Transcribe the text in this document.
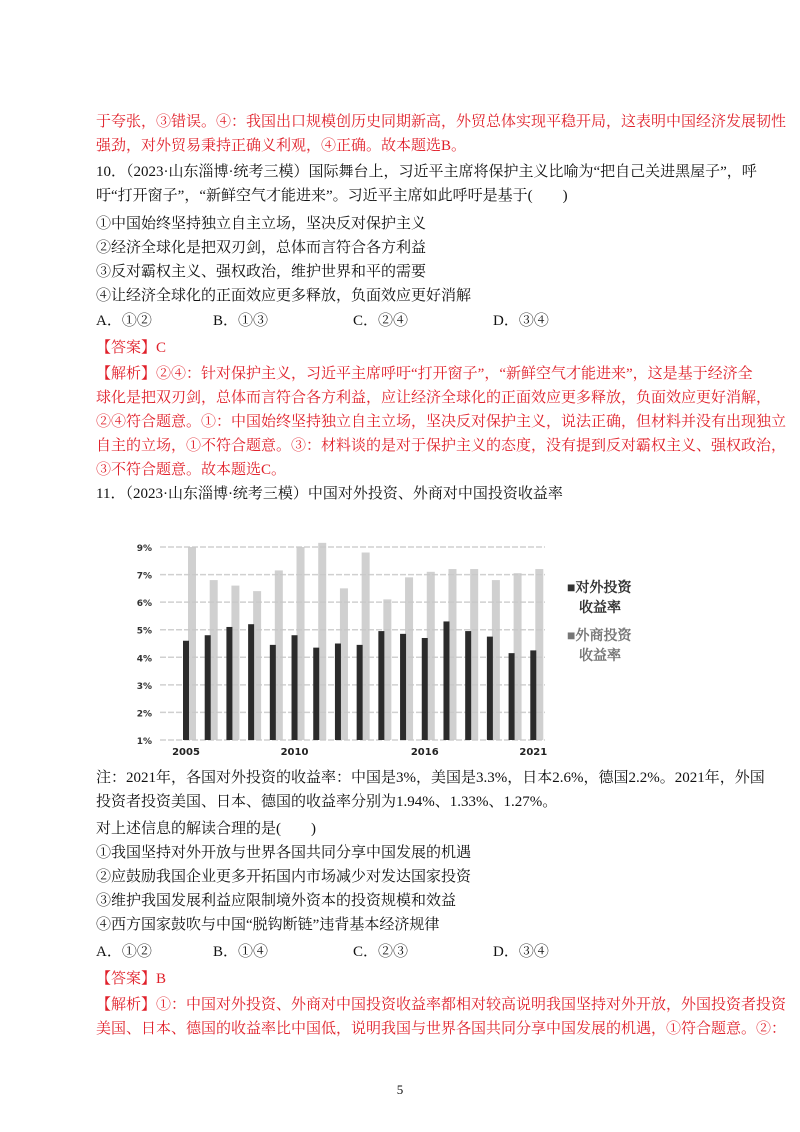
于夸张，③错误。④：我国出口规模创历史同期新高，外贸总体实现平稳开局，这表明中国经济发展韧性
强劲，对外贸易秉持正确义利观，④正确。故本题选B。
10．（2023·山东淄博·统考三模）国际舞台上，习近平主席将保护主义比喻为“把自己关进黑屋子”，呼
吁“打开窗子”，“新鲜空气才能进来”。习近平主席如此呼吁是基于(　　)
①中国始终坚持独立自主立场，坚决反对保护主义
②经济全球化是把双刃剑，总体而言符合各方利益
③反对霸权主义、强权政治，维护世界和平的需要
④让经济全球化的正面效应更多释放，负面效应更好消解
A．①②	B．①③	C．②④	D．③④
【答案】C
【解析】②④：针对保护主义，习近平主席呼吁“打开窗子”，“新鲜空气才能进来”，这是基于经济全
球化是把双刃剑，总体而言符合各方利益，应让经济全球化的正面效应更多释放，负面效应更好消解，
②④符合题意。①：中国始终坚持独立自主立场，坚决反对保护主义，说法正确，但材料并没有出现独立
自主的立场，①不符合题意。③：材料谈的是对于保护主义的态度，没有提到反对霸权主义、强权政治，
③不符合题意。故本题选C。
11．（2023·山东淄博·统考三模）中国对外投资、外商对中国投资收益率
1%
2%
3%
4%
5%
6%
7%
9%
2005	2010	2016	2021
■对外投资
收益率
■外商投资
收益率
注：2021年，各国对外投资的收益率：中国是3%，美国是3.3%，日本2.6%，德国2.2%。2021年，外国
投资者投资美国、日本、德国的收益率分别为1.94%、1.33%、1.27%。
对上述信息的解读合理的是(　　)
①我国坚持对外开放与世界各国共同分享中国发展的机遇
②应鼓励我国企业更多开拓国内市场减少对发达国家投资
③维护我国发展利益应限制境外资本的投资规模和效益
④西方国家鼓吹与中国“脱钩断链”违背基本经济规律
A．①②	B．①④	C．②③	D．③④
【答案】B
【解析】①：中国对外投资、外商对中国投资收益率都相对较高说明我国坚持对外开放，外国投资者投资
美国、日本、德国的收益率比中国低，说明我国与世界各国共同分享中国发展的机遇，①符合题意。②：
5
